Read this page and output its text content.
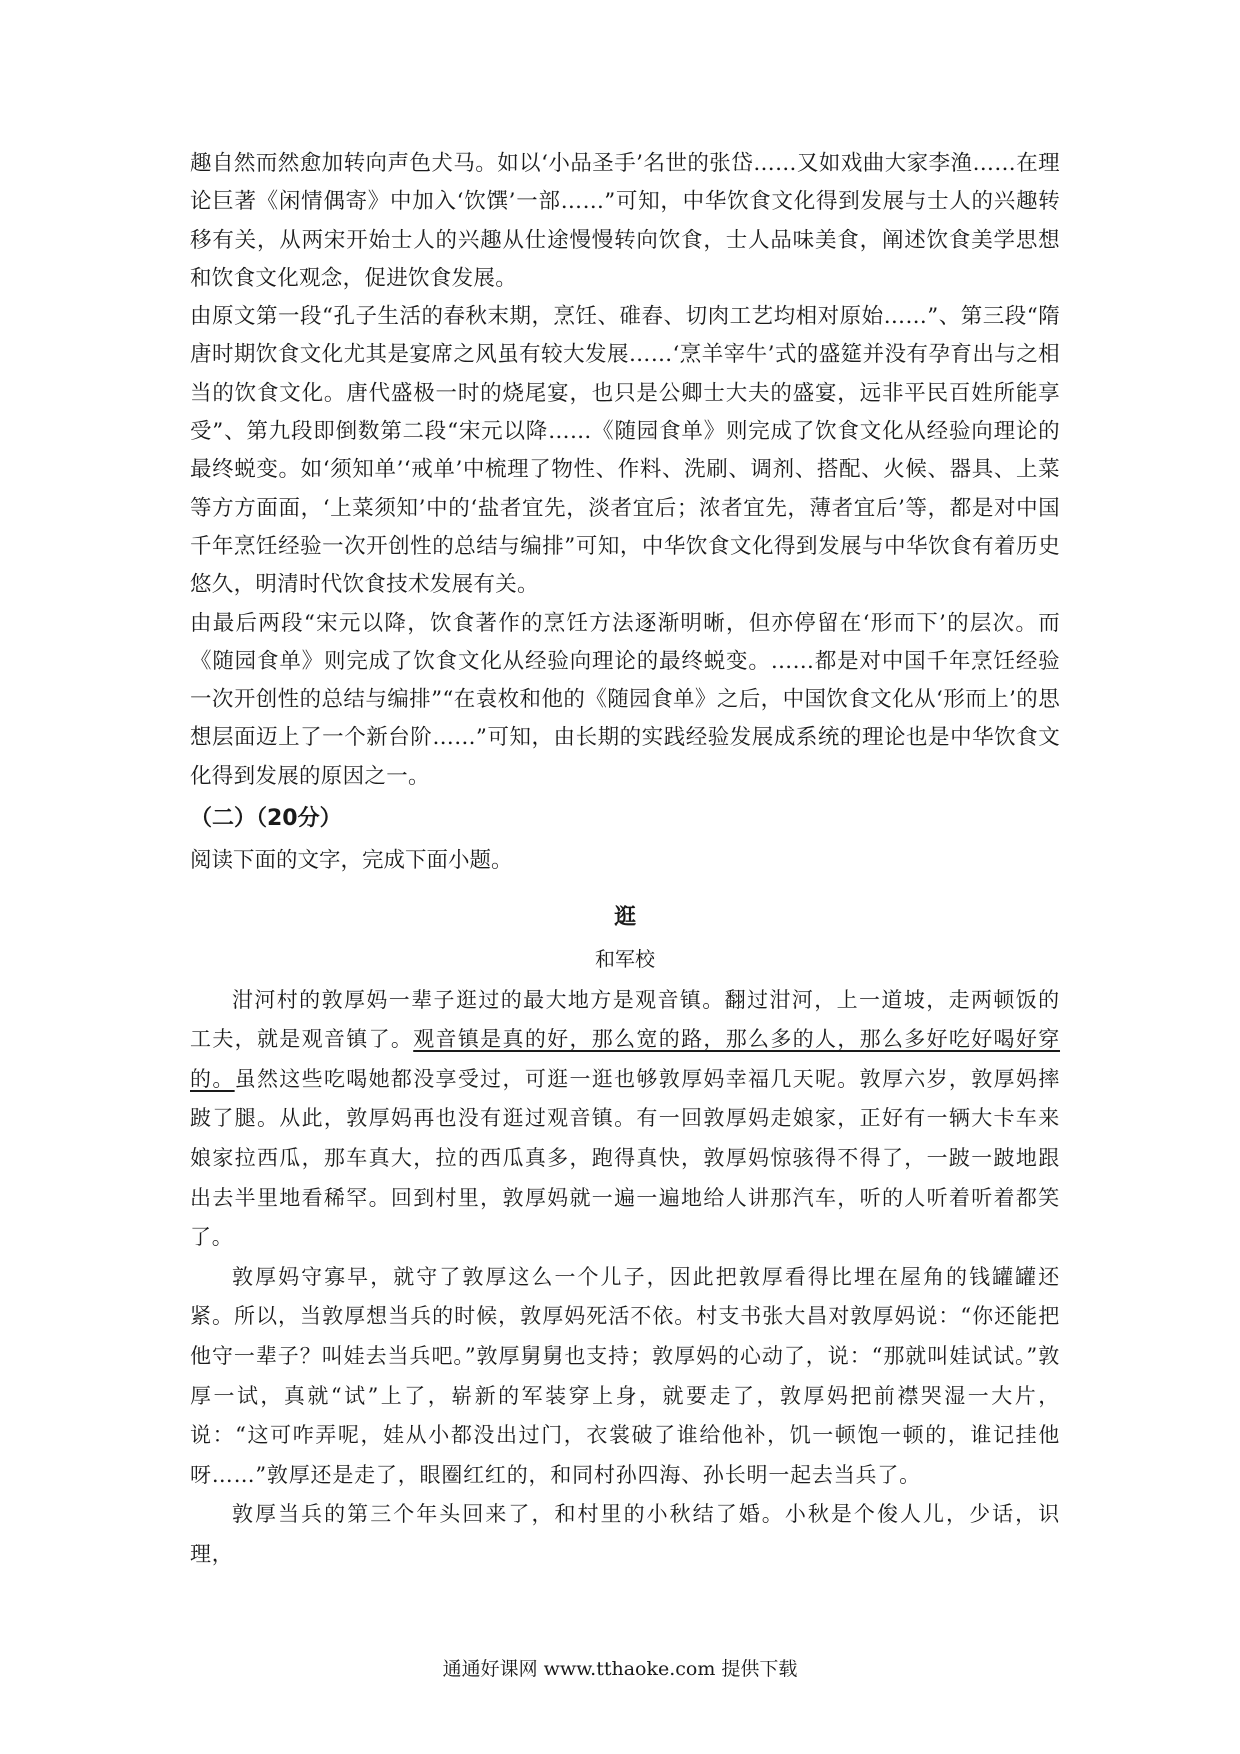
趣自然而然愈加转向声色犬马。如以‘小品圣手’名世的张岱……又如戏曲大家李渔……在理论巨著《闲情偶寄》中加入‘饮馔’一部……”可知，中华饮食文化得到发展与士人的兴趣转移有关，从两宋开始士人的兴趣从仕途慢慢转向饮食，士人品味美食，阐述饮食美学思想和饮食文化观念，促进饮食发展。

由原文第一段“孔子生活的春秋末期，烹饪、碓舂、切肉工艺均相对原始……”、第三段“隋唐时期饮食文化尤其是宴席之风虽有较大发展……‘烹羊宰牛’式的盛筵并没有孕育出与之相当的饮食文化。唐代盛极一时的烧尾宴，也只是公卿士大夫的盛宴，远非平民百姓所能享受”、第九段即倒数第二段“宋元以降……《随园食单》则完成了饮食文化从经验向理论的最终蜕变。如‘须知单’‘戒单’中梳理了物性、作料、洗刷、调剂、搭配、火候、器具、上菜等方方面面，‘上菜须知’中的‘盐者宜先，淡者宜后；浓者宜先，薄者宜后’等，都是对中国千年烹饪经验一次开创性的总结与编排”可知，中华饮食文化得到发展与中华饮食有着历史悠久，明清时代饮食技术发展有关。

由最后两段“宋元以降，饮食著作的烹饪方法逐渐明晰，但亦停留在‘形而下’的层次。而《随园食单》则完成了饮食文化从经验向理论的最终蜕变。……都是对中国千年烹饪经验一次开创性的总结与编排”“在袁枚和他的《随园食单》之后，中国饮食文化从‘形而上’的思想层面迈上了一个新台阶……”可知，由长期的实践经验发展成系统的理论也是中华饮食文化得到发展的原因之一。

（二）（20分）
阅读下面的文字，完成下面小题。
逛
和军校

泔河村的敦厚妈一辈子逛过的最大地方是观音镇。翻过泔河，上一道坡，走两顿饭的工夫，就是观音镇了。观音镇是真的好，那么宽的路，那么多的人，那么多好吃好喝好穿的。虽然这些吃喝她都没享受过，可逛一逛也够敦厚妈幸福几天呢。敦厚六岁，敦厚妈摔跛了腿。从此，敦厚妈再也没有逛过观音镇。有一回敦厚妈走娘家，正好有一辆大卡车来娘家拉西瓜，那车真大，拉的西瓜真多，跑得真快，敦厚妈惊骇得不得了，一跛一跛地跟出去半里地看稀罕。回到村里，敦厚妈就一遍一遍地给人讲那汽车，听的人听着听着都笑了。

敦厚妈守寡早，就守了敦厚这么一个儿子，因此把敦厚看得比埋在屋角的钱罐罐还紧。所以，当敦厚想当兵的时候，敦厚妈死活不依。村支书张大昌对敦厚妈说：“你还能把他守一辈子？叫娃去当兵吧。”敦厚舅舅也支持；敦厚妈的心动了，说：“那就叫娃试试。”敦厚一试，真就“试”上了，崭新的军装穿上身，就要走了，敦厚妈把前襟哭湿一大片，说：“这可咋弄呢，娃从小都没出过门，衣裳破了谁给他补，饥一顿饱一顿的，谁记挂他呀……”敦厚还是走了，眼圈红红的，和同村孙四海、孙长明一起去当兵了。

敦厚当兵的第三个年头回来了，和村里的小秋结了婚。小秋是个俊人儿，少话，识理，

通通好课网 www.tthaoke.com 提供下载
